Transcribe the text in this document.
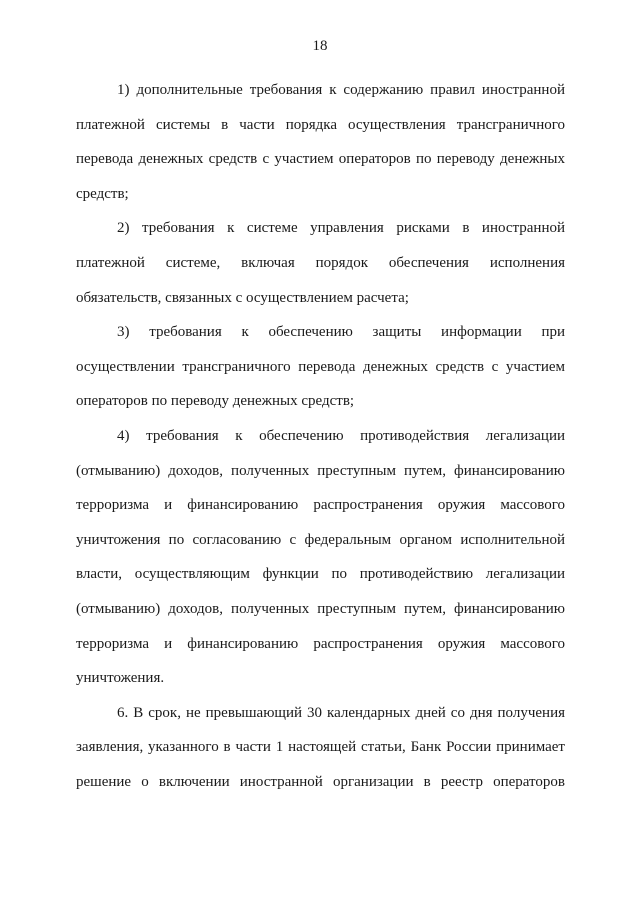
18

1) дополнительные требования к содержанию правил иностранной платежной системы в части порядка осуществления трансграничного перевода денежных средств с участием операторов по переводу денежных средств;

2) требования к системе управления рисками в иностранной платежной системе, включая порядок обеспечения исполнения обязательств, связанных с осуществлением расчета;

3) требования к обеспечению защиты информации при осуществлении трансграничного перевода денежных средств с участием операторов по переводу денежных средств;

4) требования к обеспечению противодействия легализации (отмыванию) доходов, полученных преступным путем, финансированию терроризма и финансированию распространения оружия массового уничтожения по согласованию с федеральным органом исполнительной власти, осуществляющим функции по противодействию легализации (отмыванию) доходов, полученных преступным путем, финансированию терроризма и финансированию распространения оружия массового уничтожения.

6. В срок, не превышающий 30 календарных дней со дня получения заявления, указанного в части 1 настоящей статьи, Банк России принимает решение о включении иностранной организации в реестр операторов
